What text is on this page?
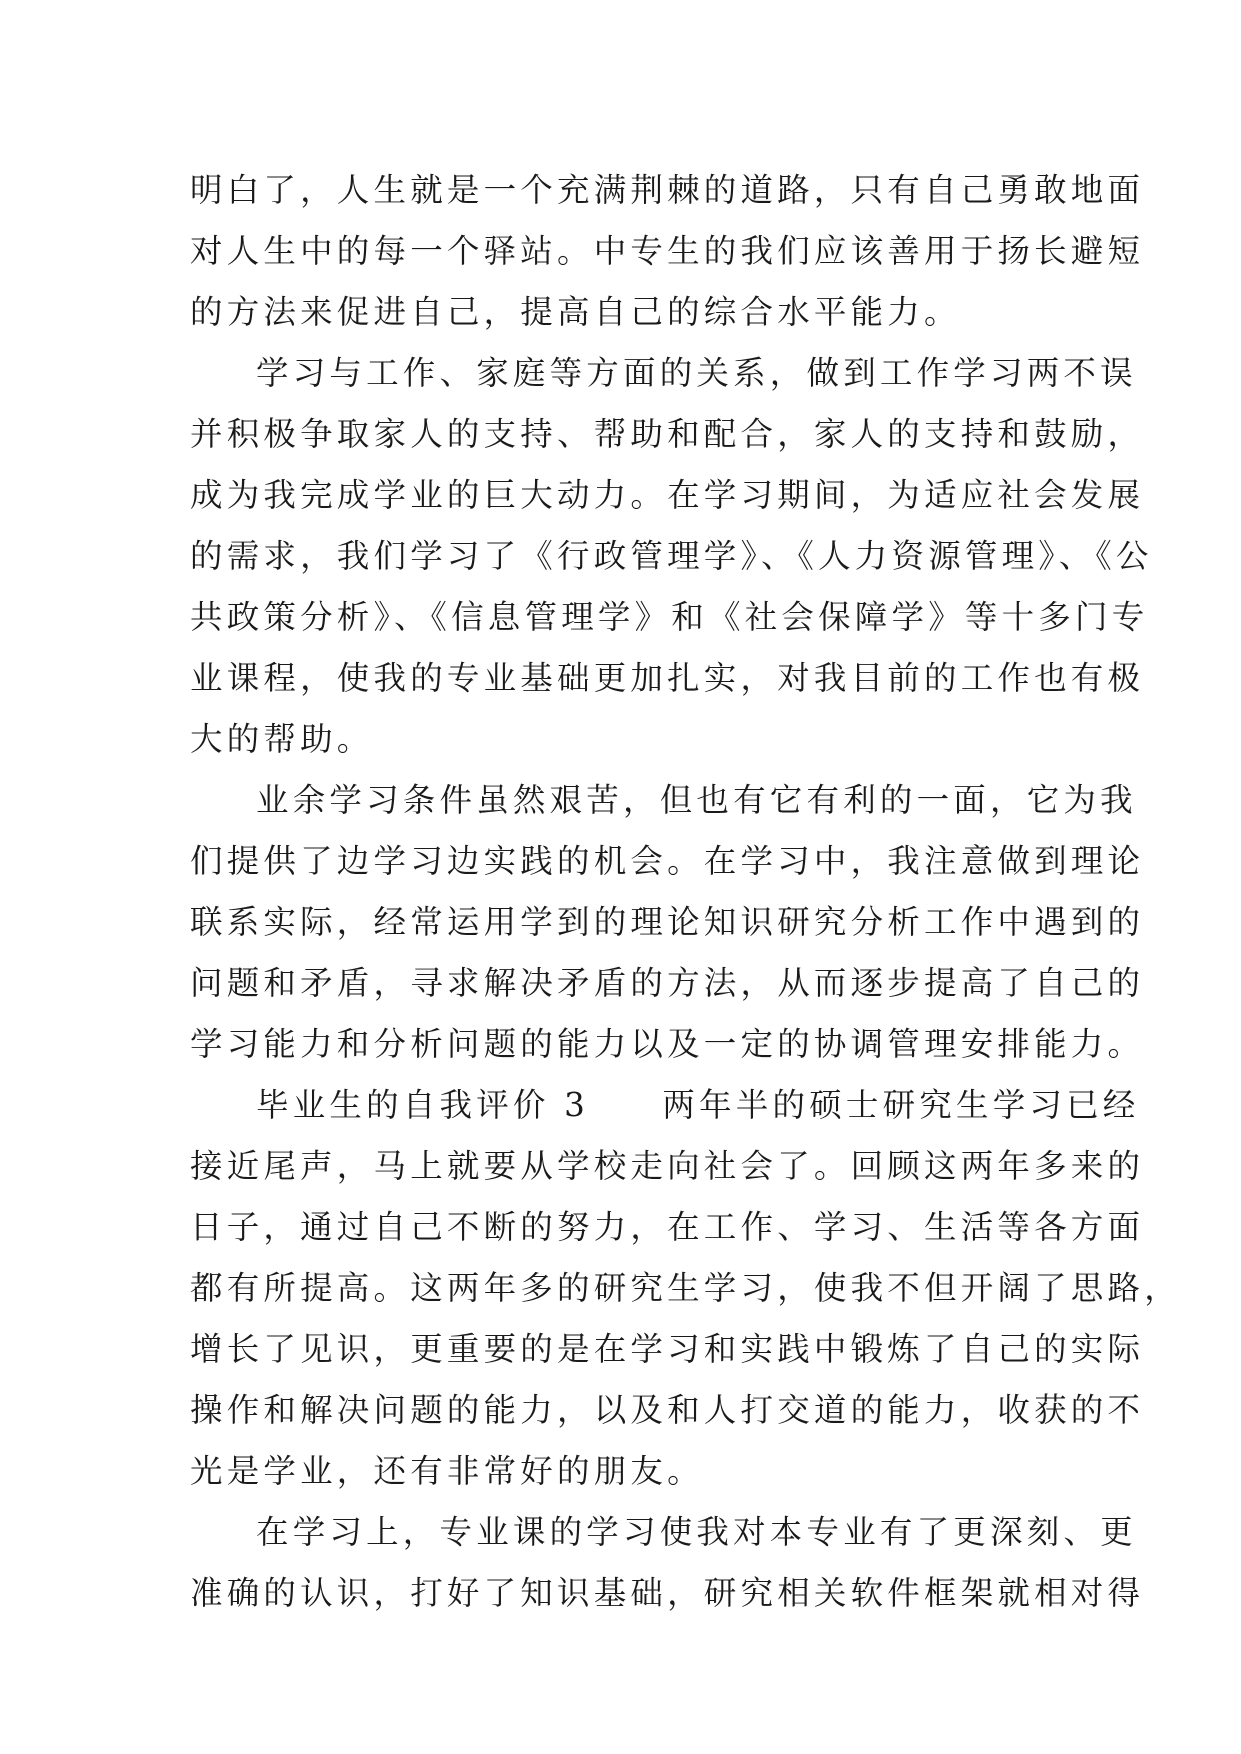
明白了，人生就是一个充满荆棘的道路，只有自己勇敢地面
对人生中的每一个驿站。中专生的我们应该善用于扬长避短
的方法来促进自己，提高自己的综合水平能力。
学习与工作、家庭等方面的关系，做到工作学习两不误
并积极争取家人的支持、帮助和配合，家人的支持和鼓励，
成为我完成学业的巨大动力。在学习期间，为适应社会发展
的需求，我们学习了《行政管理学》、《人力资源管理》、《公
共政策分析》、《信息管理学》和《社会保障学》等十多门专
业课程，使我的专业基础更加扎实，对我目前的工作也有极
大的帮助。
业余学习条件虽然艰苦，但也有它有利的一面，它为我
们提供了边学习边实践的机会。在学习中，我注意做到理论
联系实际，经常运用学到的理论知识研究分析工作中遇到的
问题和矛盾，寻求解决矛盾的方法，从而逐步提高了自己的
学习能力和分析问题的能力以及一定的协调管理安排能力。
毕业生的自我评价 3　　两年半的硕士研究生学习已经
接近尾声，马上就要从学校走向社会了。回顾这两年多来的
日子，通过自己不断的努力，在工作、学习、生活等各方面
都有所提高。这两年多的研究生学习，使我不但开阔了思路，
增长了见识，更重要的是在学习和实践中锻炼了自己的实际
操作和解决问题的能力，以及和人打交道的能力，收获的不
光是学业，还有非常好的朋友。
在学习上，专业课的学习使我对本专业有了更深刻、更
准确的认识，打好了知识基础，研究相关软件框架就相对得
